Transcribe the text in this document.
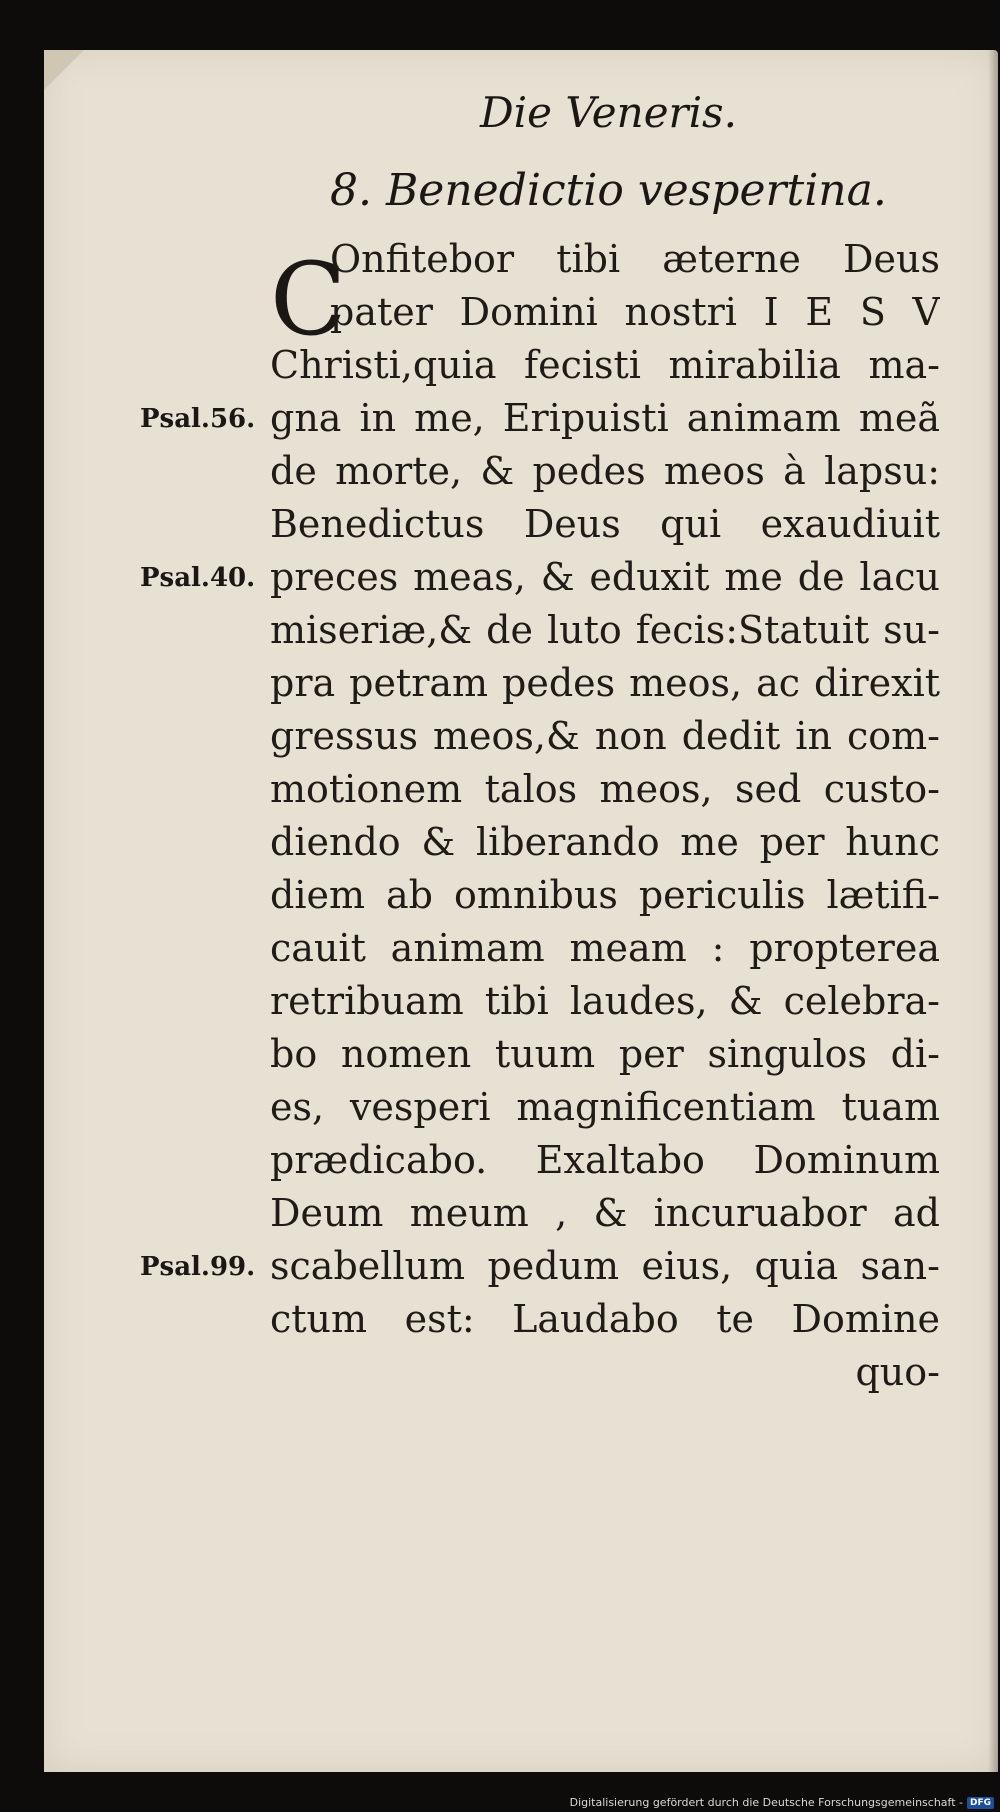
Die Veneris.
8. Benedictio vespertina.
C
Onfitebor tibi æterne Deus
pater Domini nostri I E S V
Christi,quia fecisti mirabilia ma-
gna in me, Eripuisti animam meã
de morte, & pedes meos à lapsu:
Benedictus Deus qui exaudiuit
preces meas, & eduxit me de lacu
miseriæ,& de luto fecis:Statuit su-
pra petram pedes meos, ac direxit
gressus meos,& non dedit in com-
motionem talos meos, sed custo-
diendo & liberando me per hunc
diem ab omnibus periculis lætifi-
cauit animam meam : propterea
retribuam tibi laudes, & celebra-
bo nomen tuum per singulos di-
es, vesperi magnificentiam tuam
prædicabo. Exaltabo Dominum
Deum meum , & incuruabor ad
scabellum pedum eius, quia san-
ctum est: Laudabo te Domine
quo-
Psal.56.
Psal.40.
Psal.99.
Digitalisierung gefördert durch die Deutsche Forschungsgemeinschaft - DFG
